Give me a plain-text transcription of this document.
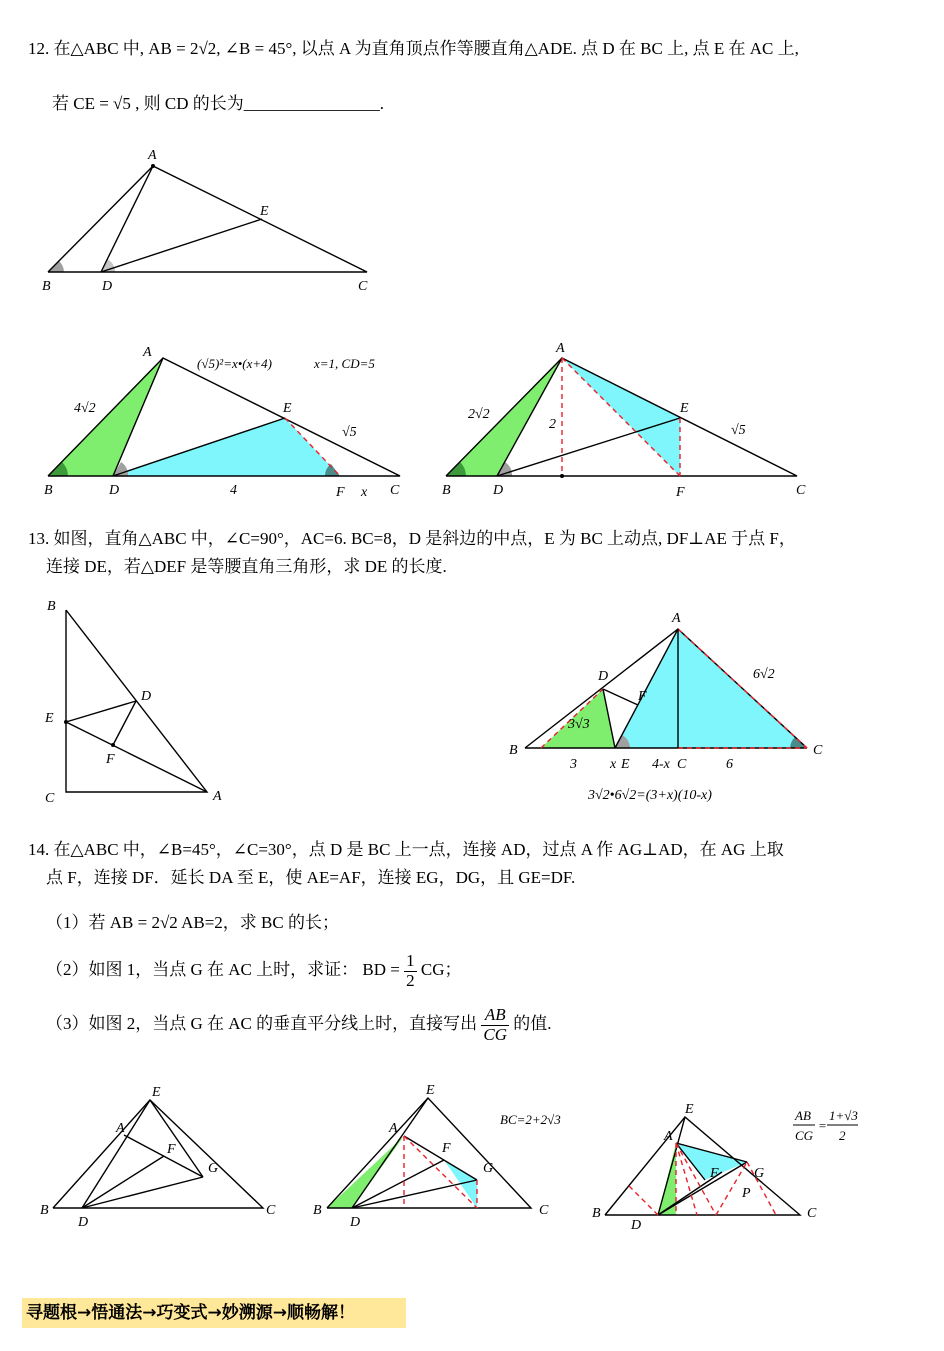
12. 在△ABC 中, AB = 2√2, ∠B = 45°, 以点 A 为直角顶点作等腰直角△ADE. 点 D 在 BC 上, 点 E 在 AC 上,
若 CE = √5 , 则 CD 的长为________________.
A
B	C
D
E
A
B	C
D
E
F
4√2
(√5)²=x•(x+4)	x=1, CD=5
√5
4	x
A
B	C
D
E
F
2√2
2	√5
13. 如图，直角△ABC 中，∠C=90°，AC=6. BC=8，D 是斜边的中点，E 为 BC 上动点, DF⊥AE 于点 F，
连接 DE，若△DEF 是等腰直角三角形，求 DE 的长度.
B
E
C	A
D
F
A
B	C
D
F
E
3 x	4-x C	6
3√3
6√2
3√2•6√2=(3+x)(10-x)
14. 在△ABC 中，∠B=45°，∠C=30°，点 D 是 BC 上一点，连接 AD，过点 A 作 AG⊥AD，在 AG 上取
点 F，连接 DF．延长 DA 至 E，使 AE=AF，连接 EG，DG，且 GE=DF.
（1）若 AB = 2√2 AB=2，求 BC 的长；
（2）如图 1，当点 G 在 AC 上时，求证： BD = $\frac{1}{2}$ CG；
（3）如图 2，当点 G 在 AC 的垂直平分线上时，直接写出 $\frac{AB}{CG}$ 的值.
E
A
F
G
B
D
C
E
A
F
G
B
D
C
BC=2+2√3
E
A
F	G
P
B
D
C
AB
CG
=
1+√3
2
寻题根→悟通法→巧变式→妙溯源→顺畅解！
